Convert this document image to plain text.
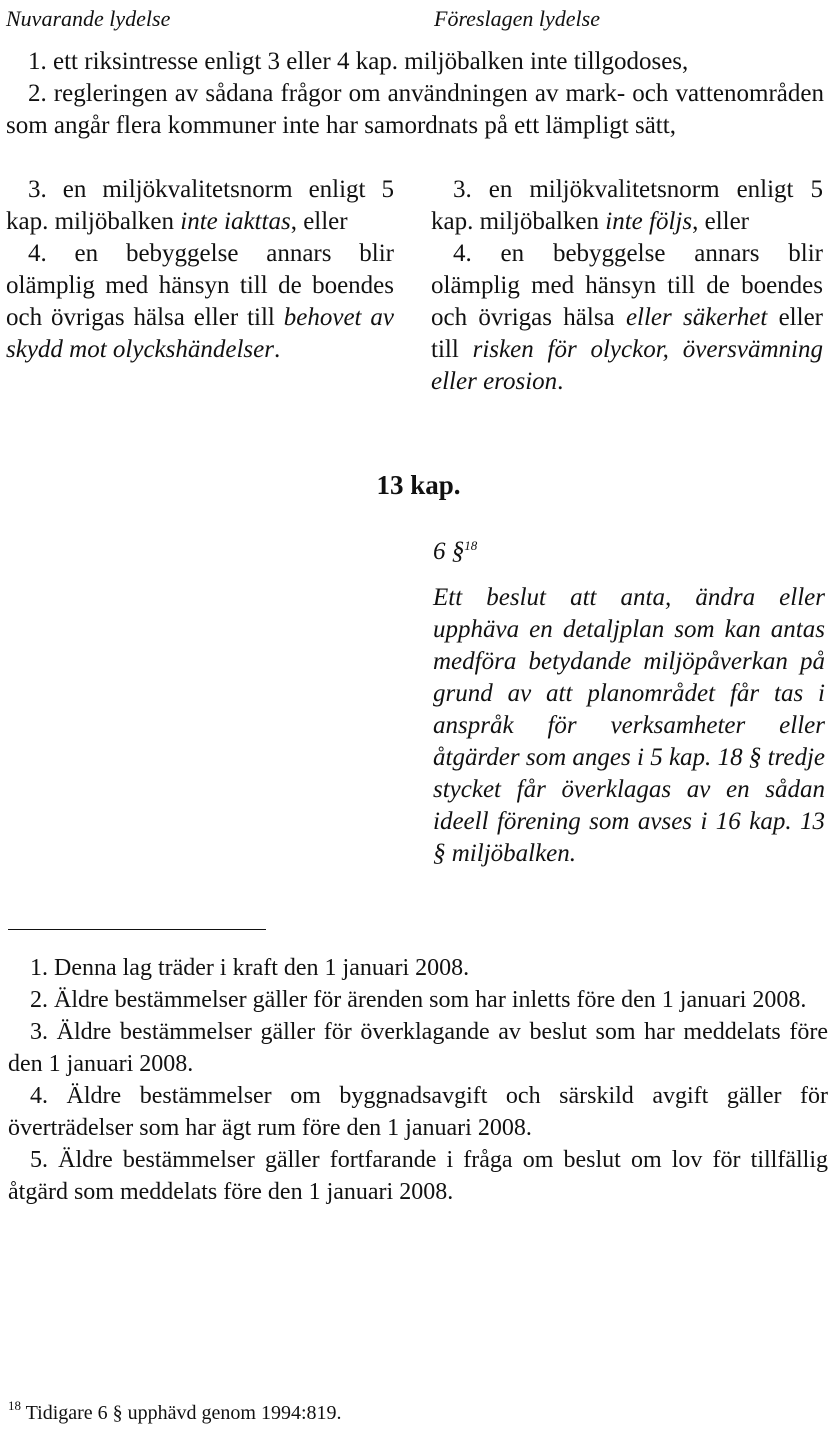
Nuvarande lydelse	Föreslagen lydelse

1. ett riksintresse enligt 3 eller 4 kap. miljöbalken inte tillgodoses,

2. regleringen av sådana frågor om användningen av mark- och vattenområden som angår flera kommuner inte har samordnats på ett lämpligt sätt,

3. en miljökvalitetsnorm enligt 5 kap. miljöbalken inte iakttas, eller

4. en bebyggelse annars blir olämplig med hänsyn till de boendes och övrigas hälsa eller till behovet av skydd mot olyckshändelser.

3. en miljökvalitetsnorm enligt 5 kap. miljöbalken inte följs, eller

4. en bebyggelse annars blir olämplig med hänsyn till de boendes och övrigas hälsa eller säkerhet eller till risken för olyckor, översvämning eller erosion.

13 kap.

6 §$^{18}$

Ett beslut att anta, ändra eller upphäva en detaljplan som kan antas medföra betydande miljöpåverkan på grund av att planområdet får tas i anspråk för verksamheter eller åtgärder som anges i 5 kap. 18 § tredje stycket får överklagas av en sådan ideell förening som avses i 16 kap. 13 § miljöbalken.

1. Denna lag träder i kraft den 1 januari 2008.

2. Äldre bestämmelser gäller för ärenden som har inletts före den 1 januari 2008.

3. Äldre bestämmelser gäller för överklagande av beslut som har meddelats före den 1 januari 2008.

4. Äldre bestämmelser om byggnadsavgift och särskild avgift gäller för överträdelser som har ägt rum före den 1 januari 2008.

5. Äldre bestämmelser gäller fortfarande i fråga om beslut om lov för tillfällig åtgärd som meddelats före den 1 januari 2008.

$^{18}$ Tidigare 6 § upphävd genom 1994:819.
